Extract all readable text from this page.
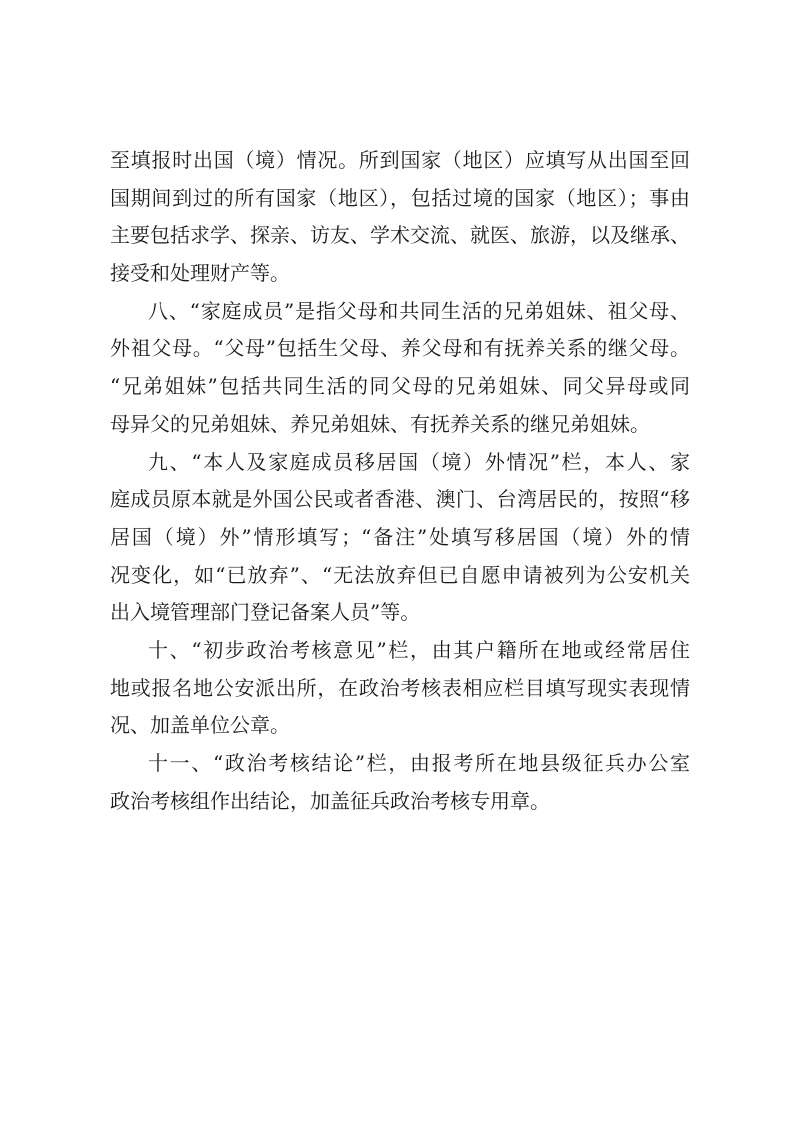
至填报时出国（境）情况。所到国家（地区）应填写从出国至回
国期间到过的所有国家（地区），包括过境的国家（地区）；事由
主要包括求学、探亲、访友、学术交流、就医、旅游，以及继承、
接受和处理财产等。
八、“家庭成员”是指父母和共同生活的兄弟姐妹、祖父母、
外祖父母。“父母”包括生父母、养父母和有抚养关系的继父母。
“兄弟姐妹”包括共同生活的同父母的兄弟姐妹、同父异母或同
母异父的兄弟姐妹、养兄弟姐妹、有抚养关系的继兄弟姐妹。
九、“本人及家庭成员移居国（境）外情况”栏，本人、家
庭成员原本就是外国公民或者香港、澳门、台湾居民的，按照“移
居国（境）外”情形填写；“备注”处填写移居国（境）外的情
况变化，如“已放弃”、“无法放弃但已自愿申请被列为公安机关
出入境管理部门登记备案人员”等。
十、“初步政治考核意见”栏，由其户籍所在地或经常居住
地或报名地公安派出所，在政治考核表相应栏目填写现实表现情
况、加盖单位公章。
十一、“政治考核结论”栏，由报考所在地县级征兵办公室
政治考核组作出结论，加盖征兵政治考核专用章。
